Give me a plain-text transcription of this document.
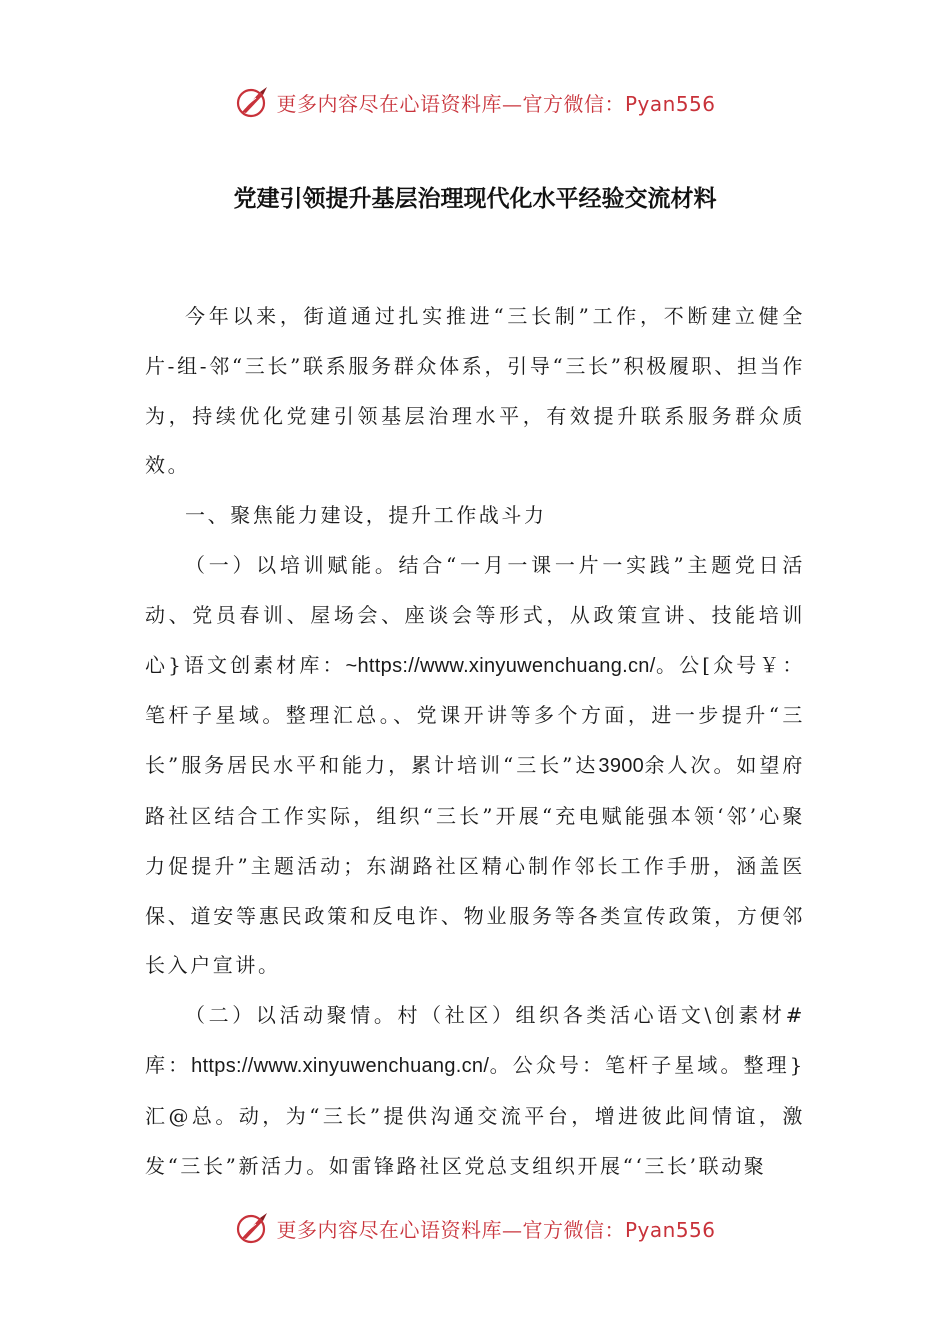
更多内容尽在心语资料库—官方微信：Pyan556
党建引领提升基层治理现代化水平经验交流材料

今年以来，街道通过扎实推进“三长制”工作，不断建立健全片-组-邻“三长”联系服务群众体系，引导“三长”积极履职、担当作为，持续优化党建引领基层治理水平，有效提升联系服务群众质效。

一、聚焦能力建设，提升工作战斗力

（一）以培训赋能。结合“一月一课一片一实践”主题党日活动、党员春训、屋场会、座谈会等形式，从政策宣讲、技能培训心}语文创素材库：~https://www.xinyuwenchuang.cn/。公[众号￥：笔杆子星域。整理汇总。、党课开讲等多个方面，进一步提升“三长”服务居民水平和能力，累计培训“三长”达3900余人次。如望府路社区结合工作实际，组织“三长”开展“充电赋能强本领‘邻’心聚力促提升”主题活动；东湖路社区精心制作邻长工作手册，涵盖医保、道安等惠民政策和反电诈、物业服务等各类宣传政策，方便邻长入户宣讲。

（二）以活动聚情。村（社区）组织各类活心语文\创素材#库：https://www.xinyuwenchuang.cn/。公众号：笔杆子星域。整理}汇@总。动，为“三长”提供沟通交流平台，增进彼此间情谊，激发“三长”新活力。如雷锋路社区党总支组织开展“‘三长’联动聚

更多内容尽在心语资料库—官方微信：Pyan556
